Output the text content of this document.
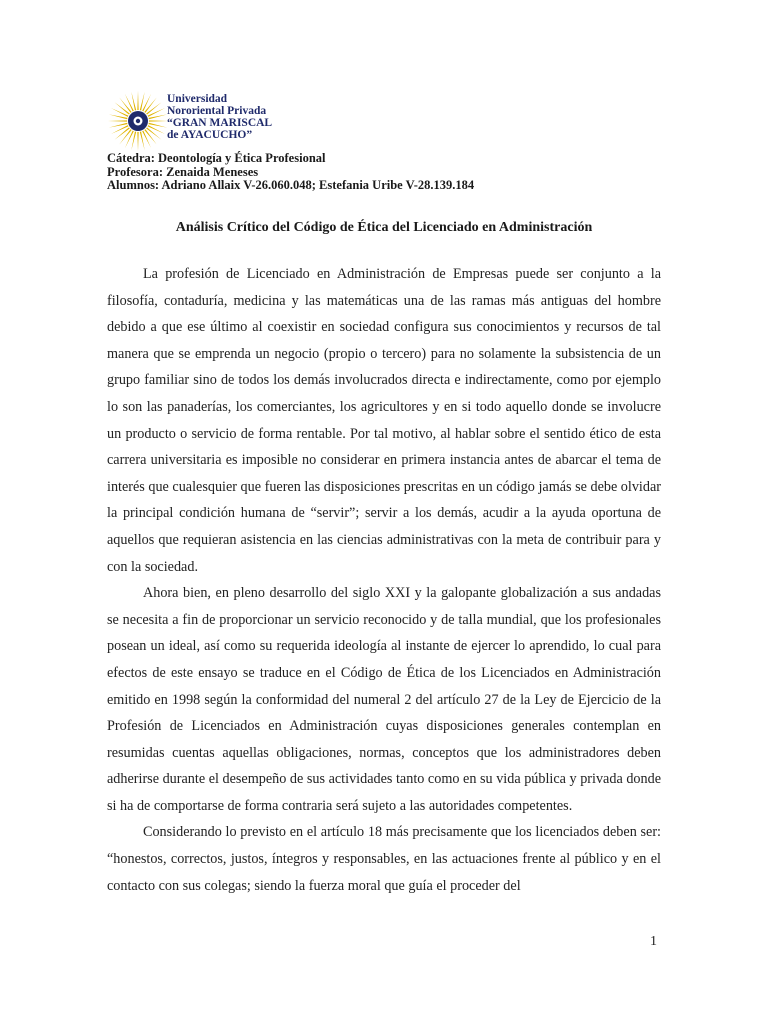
Universidad
Nororiental Privada
“GRAN MARISCAL
de AYACUCHO”
Cátedra: Deontología y Ética Profesional
Profesora: Zenaida Meneses
Alumnos: Adriano Allaix V-26.060.048; Estefania Uribe V-28.139.184
Análisis Crítico del Código de Ética del Licenciado en Administración

La profesión de Licenciado en Administración de Empresas puede ser conjunto a la filosofía, contaduría, medicina y las matemáticas una de las ramas más antiguas del hombre debido a que ese último al coexistir en sociedad configura sus conocimientos y recursos de tal manera que se emprenda un negocio (propio o tercero) para no solamente la subsistencia de un grupo familiar sino de todos los demás involucrados directa e indirectamente, como por ejemplo lo son las panaderías, los comerciantes, los agricultores y en si todo aquello donde se involucre un producto o servicio de forma rentable. Por tal motivo, al hablar sobre el sentido ético de esta carrera universitaria es imposible no considerar en primera instancia antes de abarcar el tema de interés que cualesquier que fueren las disposiciones prescritas en un código jamás se debe olvidar la principal condición humana de “servir”; servir a los demás, acudir a la ayuda oportuna de aquellos que requieran asistencia en las ciencias administrativas con la meta de contribuir para y con la sociedad.

Ahora bien, en pleno desarrollo del siglo XXI y la galopante globalización a sus andadas se necesita a fin de proporcionar un servicio reconocido y de talla mundial, que los profesionales posean un ideal, así como su requerida ideología al instante de ejercer lo aprendido, lo cual para efectos de este ensayo se traduce en el Código de Ética de los Licenciados en Administración emitido en 1998 según la conformidad del numeral 2 del artículo 27 de la Ley de Ejercicio de la Profesión de Licenciados en Administración cuyas disposiciones generales contemplan en resumidas cuentas aquellas obligaciones, normas, conceptos que los administradores deben adherirse durante el desempeño de sus actividades tanto como en su vida pública y privada donde si ha de comportarse de forma contraria será sujeto a las autoridades competentes.

Considerando lo previsto en el artículo 18 más precisamente que los licenciados deben ser: “honestos, correctos, justos, íntegros y responsables, en las actuaciones frente al público y en el contacto con sus colegas; siendo la fuerza moral que guía el proceder del

1
